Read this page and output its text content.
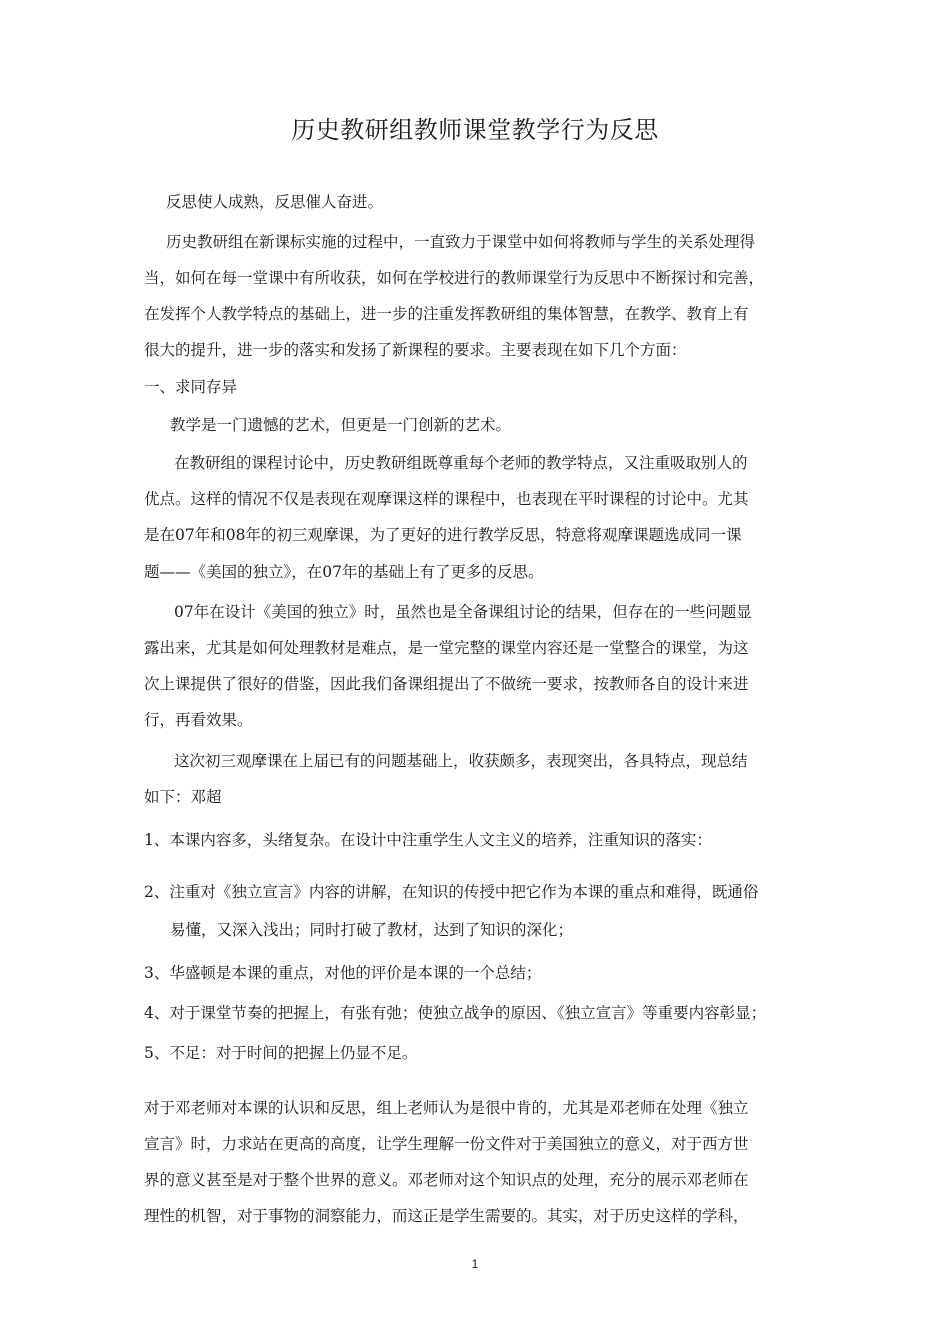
历史教研组教师课堂教学行为反思
反思使人成熟，反思催人奋进。
历史教研组在新课标实施的过程中，一直致力于课堂中如何将教师与学生的关系处理得
当，如何在每一堂课中有所收获，如何在学校进行的教师课堂行为反思中不断探讨和完善，
在发挥个人教学特点的基础上，进一步的注重发挥教研组的集体智慧，在教学、教育上有
很大的提升，进一步的落实和发扬了新课程的要求。主要表现在如下几个方面：
一、求同存异
教学是一门遗憾的艺术，但更是一门创新的艺术。
在教研组的课程讨论中，历史教研组既尊重每个老师的教学特点，又注重吸取别人的
优点。这样的情况不仅是表现在观摩课这样的课程中，也表现在平时课程的讨论中。尤其
是在07年和08年的初三观摩课，为了更好的进行教学反思，特意将观摩课题选成同一课
题——《美国的独立》，在07年的基础上有了更多的反思。
07年在设计《美国的独立》时，虽然也是全备课组讨论的结果，但存在的一些问题显
露出来，尤其是如何处理教材是难点，是一堂完整的课堂内容还是一堂整合的课堂，为这
次上课提供了很好的借鉴，因此我们备课组提出了不做统一要求，按教师各自的设计来进
行，再看效果。
这次初三观摩课在上届已有的问题基础上，收获颇多，表现突出，各具特点，现总结
如下：邓超
1、本课内容多，头绪复杂。在设计中注重学生人文主义的培养，注重知识的落实：
2、注重对《独立宣言》内容的讲解，在知识的传授中把它作为本课的重点和难得，既通俗
易懂，又深入浅出；同时打破了教材，达到了知识的深化；
3、华盛顿是本课的重点，对他的评价是本课的一个总结；
4、对于课堂节奏的把握上，有张有弛；使独立战争的原因、《独立宣言》等重要内容彰显；
5、不足：对于时间的把握上仍显不足。
对于邓老师对本课的认识和反思，组上老师认为是很中肯的，尤其是邓老师在处理《独立
宣言》时，力求站在更高的高度，让学生理解一份文件对于美国独立的意义，对于西方世
界的意义甚至是对于整个世界的意义。邓老师对这个知识点的处理，充分的展示邓老师在
理性的机智，对于事物的洞察能力，而这正是学生需要的。其实，对于历史这样的学科，
1
